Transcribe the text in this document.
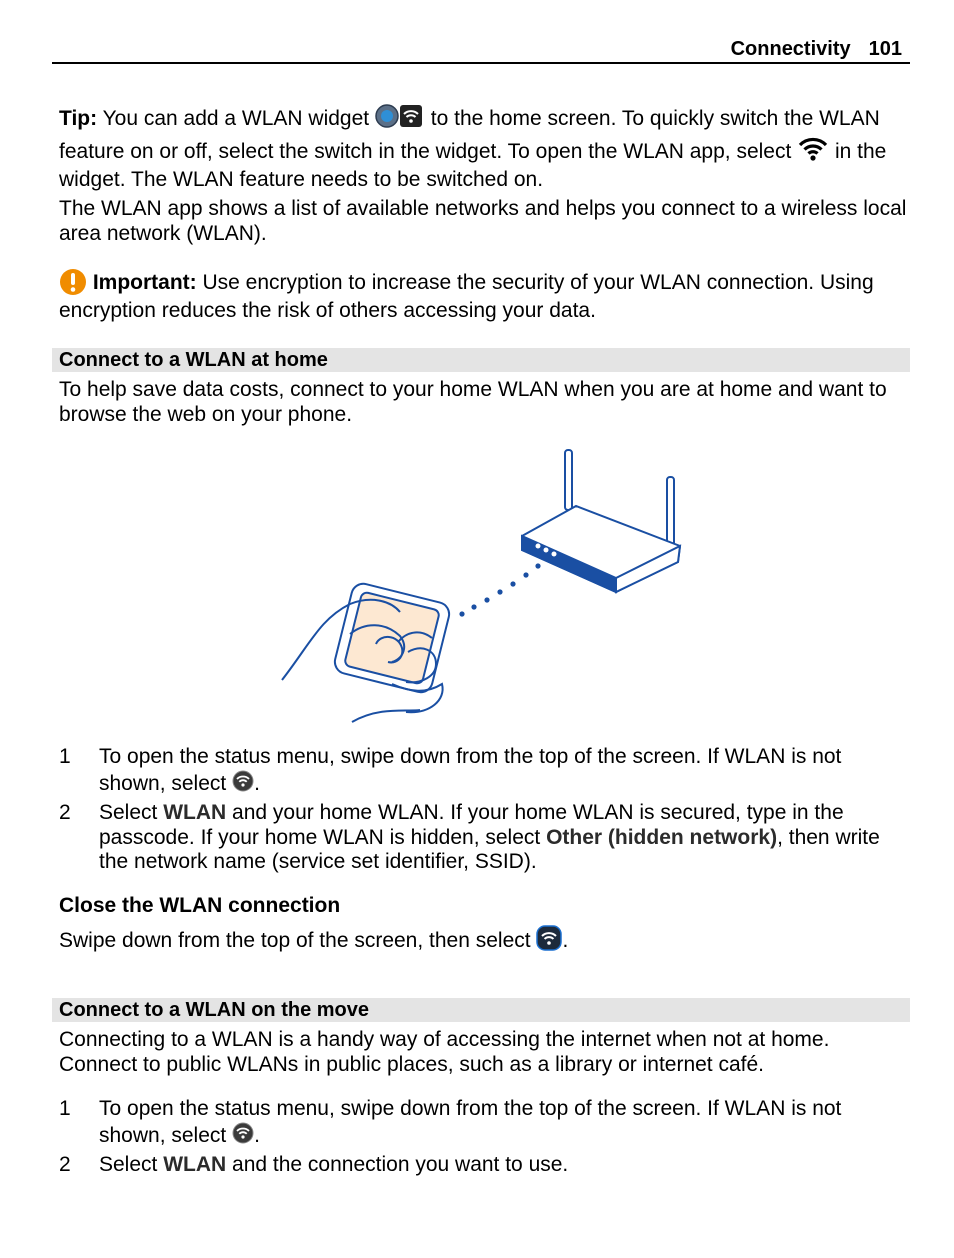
Connectivity 101
Tip: You can add a WLAN widget  to the home screen. To quickly switch the WLAN feature on or off, select the switch in the widget. To open the WLAN app, select  in the widget. The WLAN feature needs to be switched on.
The WLAN app shows a list of available networks and helps you connect to a wireless local area network (WLAN).
Important: Use encryption to increase the security of your WLAN connection. Using encryption reduces the risk of others accessing your data.
Connect to a WLAN at home
To help save data costs, connect to your home WLAN when you are at home and want to browse the web on your phone.
1 To open the status menu, swipe down from the top of the screen. If WLAN is not shown, select .
2 Select WLAN and your home WLAN. If your home WLAN is secured, type in the passcode. If your home WLAN is hidden, select Other (hidden network), then write the network name (service set identifier, SSID).
Close the WLAN connection
Swipe down from the top of the screen, then select .
Connect to a WLAN on the move
Connecting to a WLAN is a handy way of accessing the internet when not at home. Connect to public WLANs in public places, such as a library or internet café.
1 To open the status menu, swipe down from the top of the screen. If WLAN is not shown, select .
2 Select WLAN and the connection you want to use.
